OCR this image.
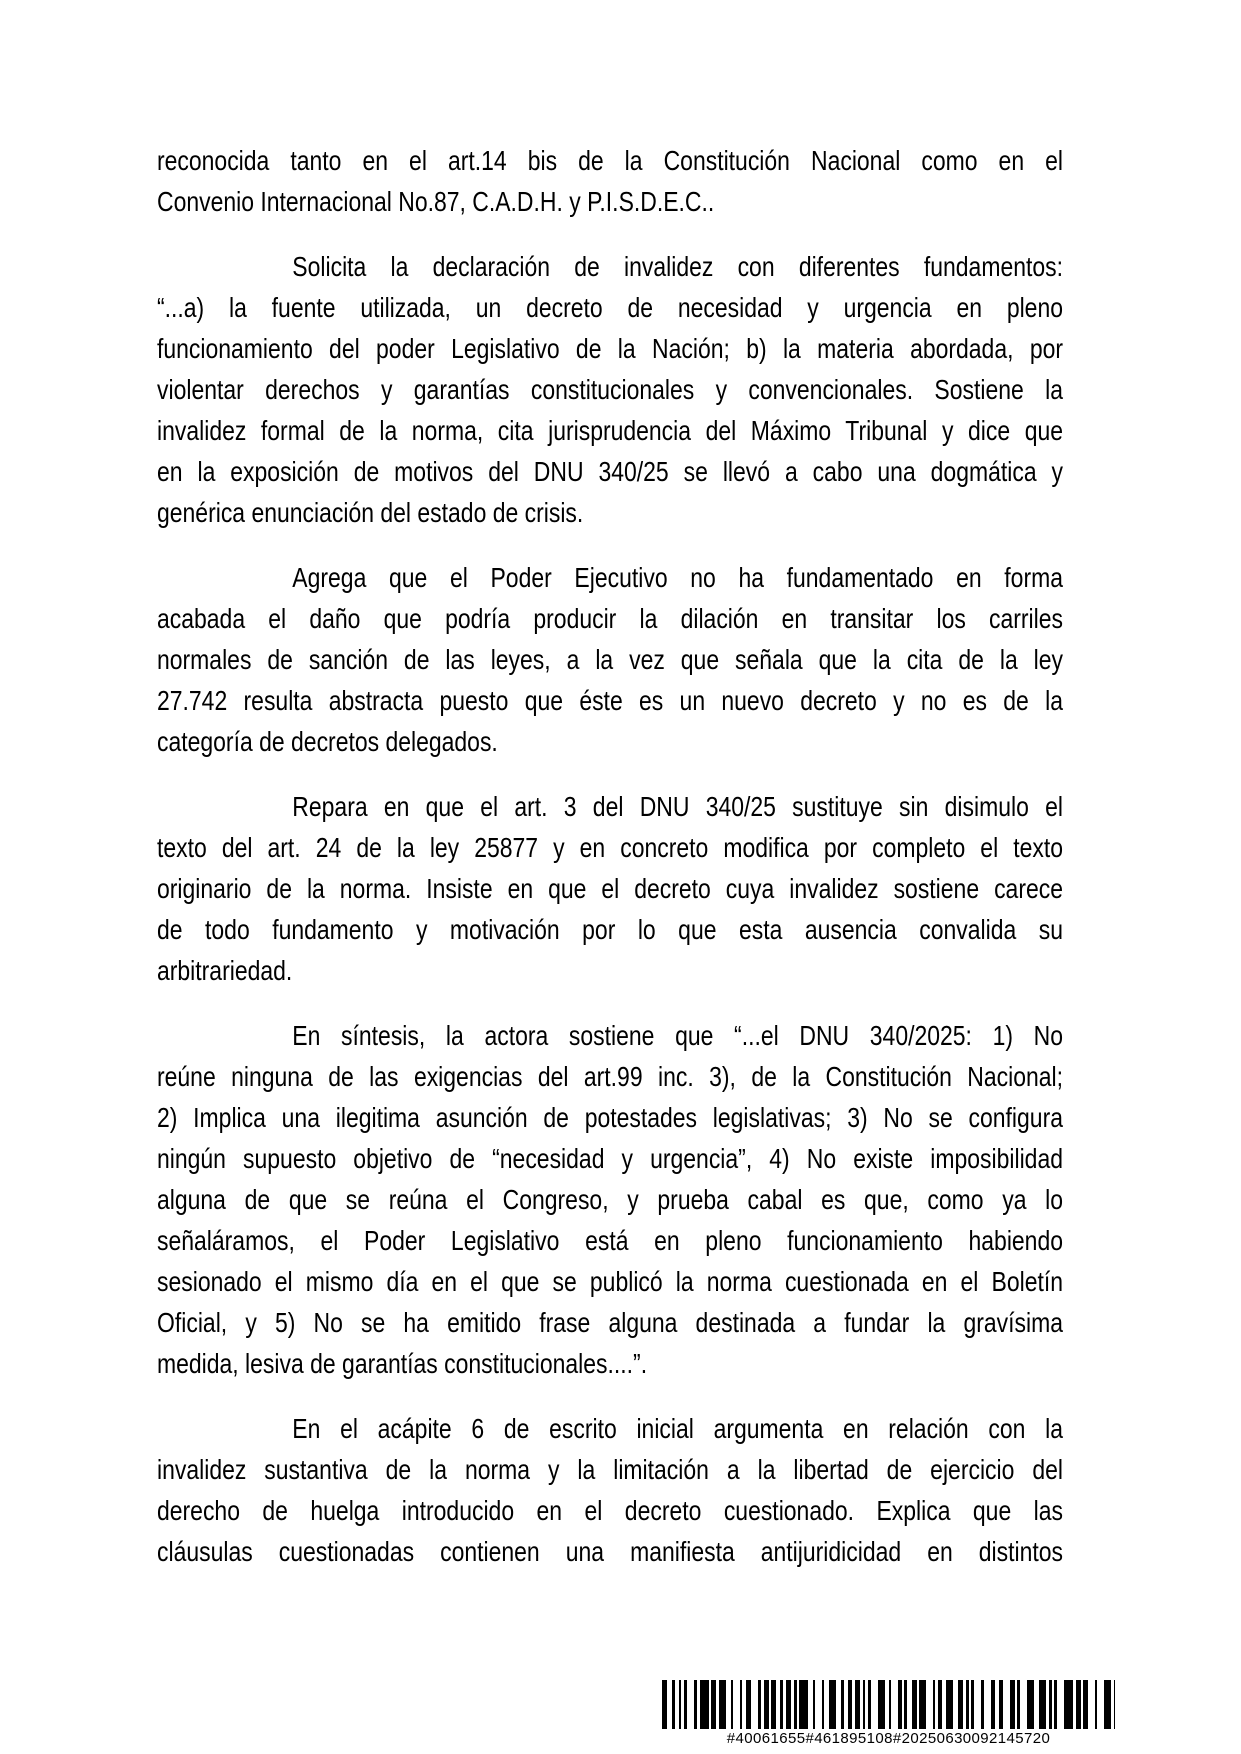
reconocida tanto en el art.14 bis de la Constitución Nacional como en el
Convenio Internacional No.87, C.A.D.H. y P.I.S.D.E.C..
Solicita la declaración de invalidez con diferentes fundamentos:
“...a) la fuente utilizada, un decreto de necesidad y urgencia en pleno
funcionamiento del poder Legislativo de la Nación; b) la materia abordada, por
violentar derechos y garantías constitucionales y convencionales. Sostiene la
invalidez formal de la norma, cita jurisprudencia del Máximo Tribunal y dice que
en la exposición de motivos del DNU 340/25 se llevó a cabo una dogmática y
genérica enunciación del estado de crisis.
Agrega que el Poder Ejecutivo no ha fundamentado en forma
acabada el daño que podría producir la dilación en transitar los carriles
normales de sanción de las leyes, a la vez que señala que la cita de la ley
27.742 resulta abstracta puesto que éste es un nuevo decreto y no es de la
categoría de decretos delegados.
Repara en que el art. 3 del DNU 340/25 sustituye sin disimulo el
texto del art. 24 de la ley 25877 y en concreto modifica por completo el texto
originario de la norma. Insiste en que el decreto cuya invalidez sostiene carece
de todo fundamento y motivación por lo que esta ausencia convalida su
arbitrariedad.
En síntesis, la actora sostiene que “...el DNU 340/2025: 1) No
reúne ninguna de las exigencias del art.99 inc. 3), de la Constitución Nacional;
2) Implica una ilegitima asunción de potestades legislativas; 3) No se configura
ningún supuesto objetivo de “necesidad y urgencia”, 4) No existe imposibilidad
alguna de que se reúna el Congreso, y prueba cabal es que, como ya lo
señaláramos, el Poder Legislativo está en pleno funcionamiento habiendo
sesionado el mismo día en el que se publicó la norma cuestionada en el Boletín
Oficial, y 5) No se ha emitido frase alguna destinada a fundar la gravísima
medida, lesiva de garantías constitucionales....”.
En el acápite 6 de escrito inicial argumenta en relación con la
invalidez sustantiva de la norma y la limitación a la libertad de ejercicio del
derecho de huelga introducido en el decreto cuestionado. Explica que las
cláusulas cuestionadas contienen una manifiesta antijuridicidad en distintos
#40061655#461895108#20250630092145720
